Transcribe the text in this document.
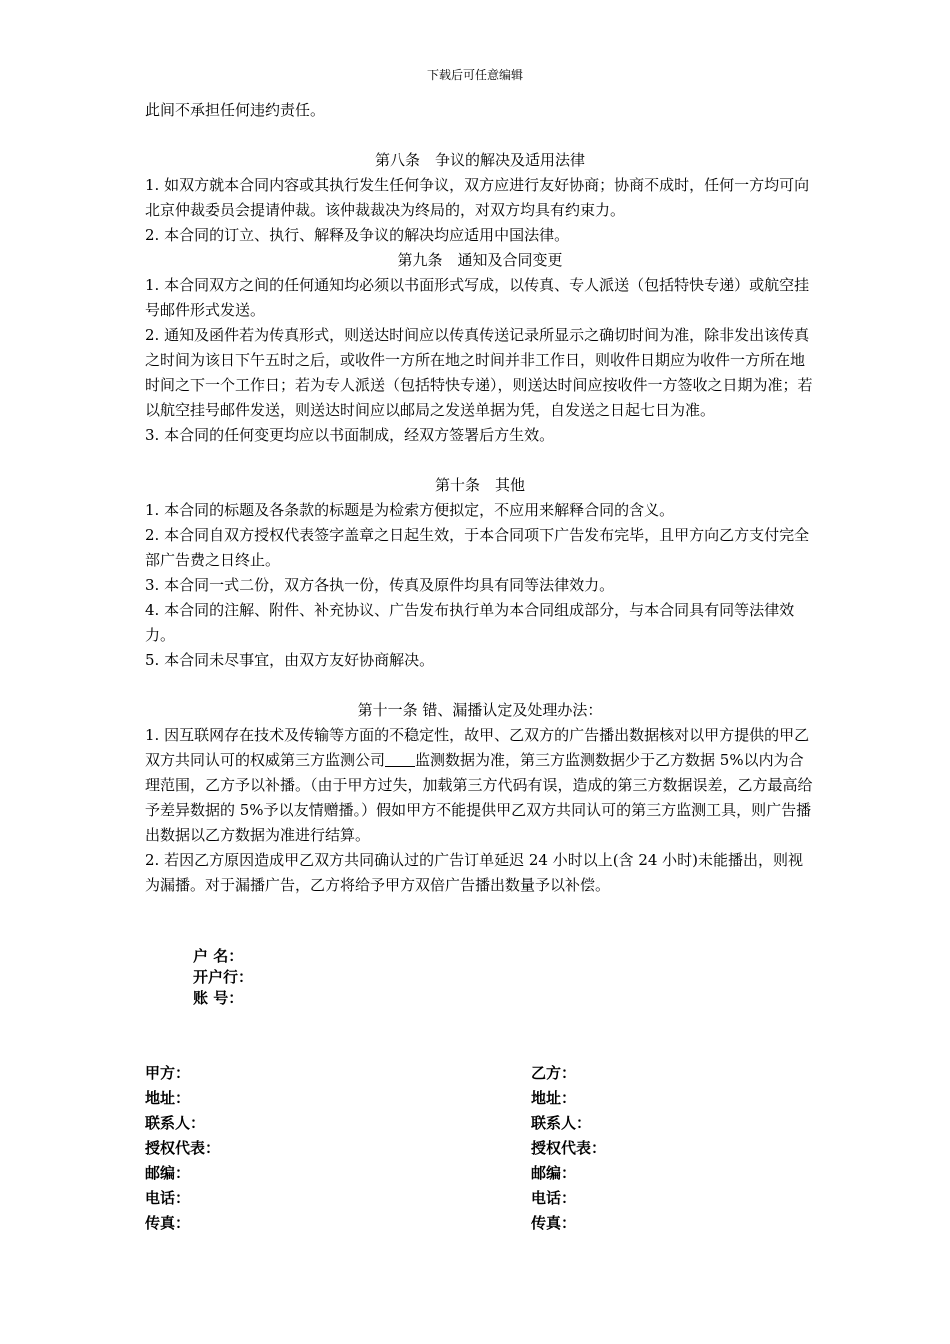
下载后可任意编辑

此间不承担任何违约责任。

第八条　争议的解决及适用法律

1. 如双方就本合同内容或其执行发生任何争议，双方应进行友好协商；协商不成时，任何一方均可向北京仲裁委员会提请仲裁。该仲裁裁决为终局的，对双方均具有约束力。

2. 本合同的订立、执行、解释及争议的解决均应适用中国法律。

第九条　通知及合同变更

1. 本合同双方之间的任何通知均必须以书面形式写成，以传真、专人派送（包括特快专递）或航空挂号邮件形式发送。

2. 通知及函件若为传真形式，则送达时间应以传真传送记录所显示之确切时间为准，除非发出该传真之时间为该日下午五时之后，或收件一方所在地之时间并非工作日，则收件日期应为收件一方所在地时间之下一个工作日；若为专人派送（包括特快专递），则送达时间应按收件一方签收之日期为准；若以航空挂号邮件发送，则送达时间应以邮局之发送单据为凭，自发送之日起七日为准。

3. 本合同的任何变更均应以书面制成，经双方签署后方生效。

第十条　其他

1. 本合同的标题及各条款的标题是为检索方便拟定，不应用来解释合同的含义。

2. 本合同自双方授权代表签字盖章之日起生效，于本合同项下广告发布完毕，且甲方向乙方支付完全部广告费之日终止。

3. 本合同一式二份，双方各执一份，传真及原件均具有同等法律效力。

4. 本合同的注解、附件、补充协议、广告发布执行单为本合同组成部分，与本合同具有同等法律效力。

5. 本合同未尽事宜，由双方友好协商解决。

第十一条 错、漏播认定及处理办法：

1. 因互联网存在技术及传输等方面的不稳定性，故甲、乙双方的广告播出数据核对以甲方提供的甲乙双方共同认可的权威第三方监测公司 监测数据为准，第三方监测数据少于乙方数据 5%以内为合理范围，乙方予以补播。（由于甲方过失，加载第三方代码有误，造成的第三方数据误差，乙方最高给予差异数据的 5%予以友情赠播。）假如甲方不能提供甲乙双方共同认可的第三方监测工具，则广告播出数据以乙方数据为准进行结算。

2. 若因乙方原因造成甲乙双方共同确认过的广告订单延迟 24 小时以上(含 24 小时)未能播出，则视为漏播。对于漏播广告，乙方将给予甲方双倍广告播出数量予以补偿。

户 名：
开户行：
账 号：
甲方：
地址：
联系人：
授权代表：
邮编：
电话：
传真：
乙方：
地址：
联系人：
授权代表：
邮编：
电话：
传真：
